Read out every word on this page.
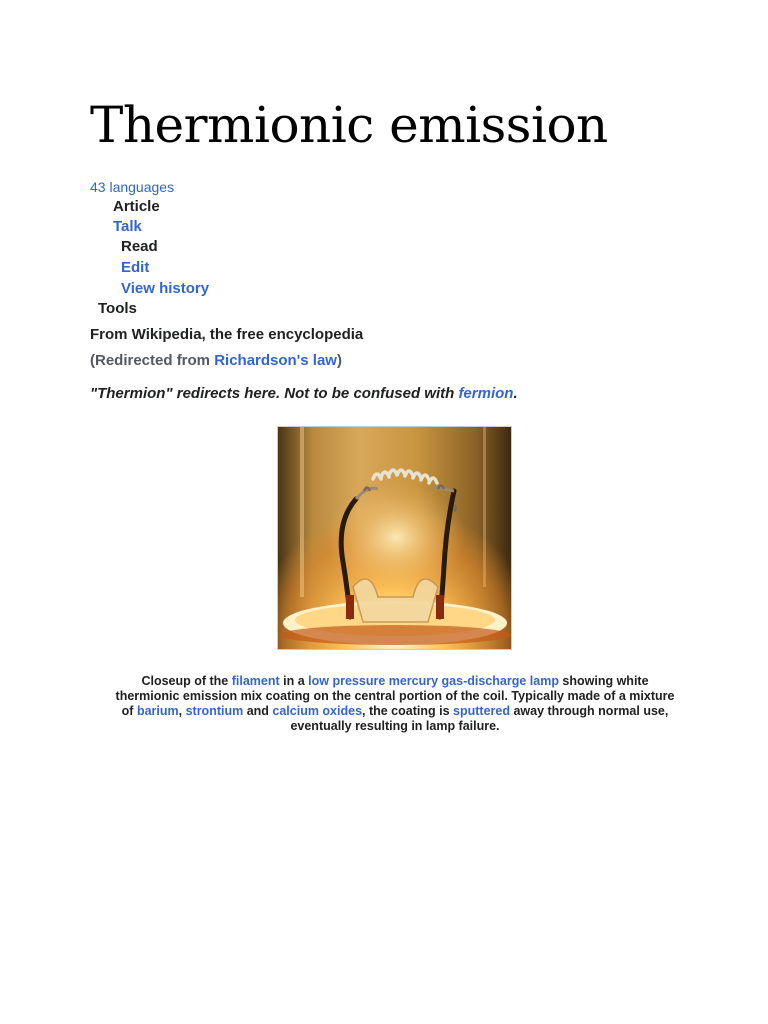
Thermionic emission
43 languages
Article
Talk
Read
Edit
View history
Tools
From Wikipedia, the free encyclopedia
(Redirected from Richardson's law)
"Thermion" redirects here. Not to be confused with fermion.
Closeup of the filament in a low pressure mercury gas-discharge lamp showing white thermionic emission mix coating on the central portion of the coil. Typically made of a mixture of barium, strontium and calcium oxides, the coating is sputtered away through normal use, eventually resulting in lamp failure.
